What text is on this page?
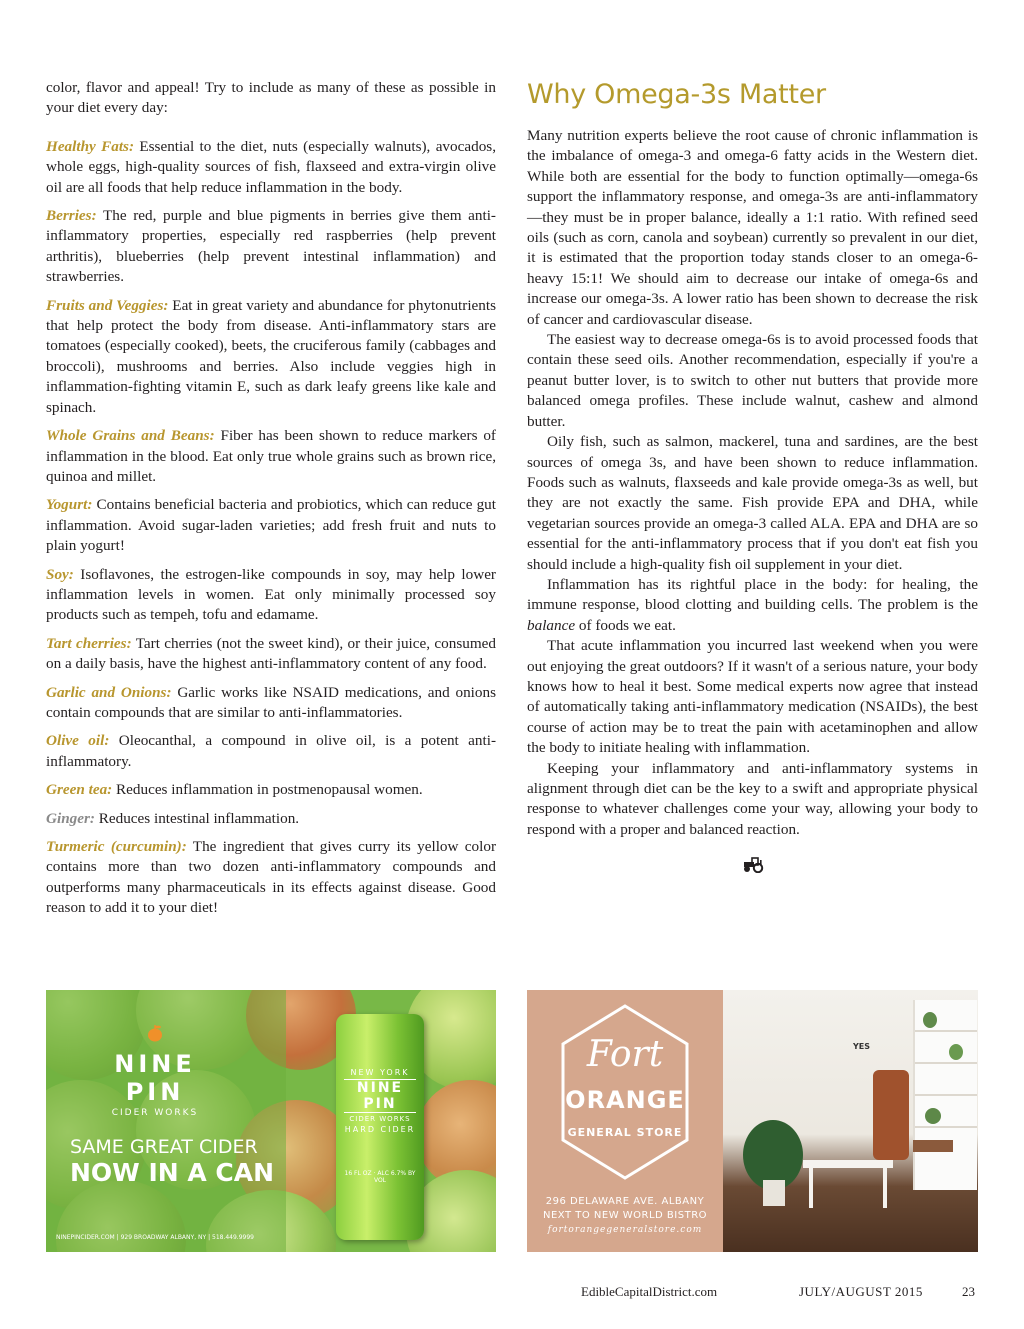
color, flavor and appeal! Try to include as many of these as possible in your diet every day:

Healthy Fats: Essential to the diet, nuts (especially walnuts), avocados, whole eggs, high-quality sources of fish, flaxseed and extra-virgin olive oil are all foods that help reduce inflammation in the body.

Berries: The red, purple and blue pigments in berries give them anti-inflammatory properties, especially red raspberries (help prevent arthritis), blueberries (help prevent intestinal inflammation) and strawberries.

Fruits and Veggies: Eat in great variety and abundance for phytonutrients that help protect the body from disease. Anti-inflammatory stars are tomatoes (especially cooked), beets, the cruciferous family (cabbages and broccoli), mushrooms and berries. Also include veggies high in inflammation-fighting vitamin E, such as dark leafy greens like kale and spinach.

Whole Grains and Beans: Fiber has been shown to reduce markers of inflammation in the blood. Eat only true whole grains such as brown rice, quinoa and millet.

Yogurt: Contains beneficial bacteria and probiotics, which can reduce gut inflammation. Avoid sugar-laden varieties; add fresh fruit and nuts to plain yogurt!

Soy: Isoflavones, the estrogen-like compounds in soy, may help lower inflammation levels in women. Eat only minimally processed soy products such as tempeh, tofu and edamame.

Tart cherries: Tart cherries (not the sweet kind), or their juice, consumed on a daily basis, have the highest anti-inflammatory content of any food.

Garlic and Onions: Garlic works like NSAID medications, and onions contain compounds that are similar to anti-inflammatories.

Olive oil: Oleocanthal, a compound in olive oil, is a potent anti-inflammatory.

Green tea: Reduces inflammation in postmenopausal women.

Ginger: Reduces intestinal inflammation.

Turmeric (curcumin): The ingredient that gives curry its yellow color contains more than two dozen anti-inflammatory compounds and outperforms many pharmaceuticals in its effects against disease. Good reason to add it to your diet!

Why Omega-3s Matter

Many nutrition experts believe the root cause of chronic inflammation is the imbalance of omega-3 and omega-6 fatty acids in the Western diet. While both are essential for the body to function optimally—omega-6s support the inflammatory response, and omega-3s are anti-inflammatory—they must be in proper balance, ideally a 1:1 ratio. With refined seed oils (such as corn, canola and soybean) currently so prevalent in our diet, it is estimated that the proportion today stands closer to an omega-6-heavy 15:1! We should aim to decrease our intake of omega-6s and increase our omega-3s. A lower ratio has been shown to decrease the risk of cancer and cardiovascular disease.

The easiest way to decrease omega-6s is to avoid processed foods that contain these seed oils. Another recommendation, especially if you're a peanut butter lover, is to switch to other nut butters that provide more balanced omega profiles. These include walnut, cashew and almond butter.

Oily fish, such as salmon, mackerel, tuna and sardines, are the best sources of omega 3s, and have been shown to reduce inflammation. Foods such as walnuts, flaxseeds and kale provide omega-3s as well, but they are not exactly the same. Fish provide EPA and DHA, while vegetarian sources provide an omega-3 called ALA. EPA and DHA are so essential for the anti-inflammatory process that if you don't eat fish you should include a high-quality fish oil supplement in your diet.

Inflammation has its rightful place in the body: for healing, the immune response, blood clotting and building cells. The problem is the balance of foods we eat.

That acute inflammation you incurred last weekend when you were out enjoying the great outdoors? If it wasn't of a serious nature, your body knows how to heal it best. Some medical experts now agree that instead of automatically taking anti-inflammatory medication (NSAIDs), the best course of action may be to treat the pain with acetaminophen and allow the body to initiate healing with inflammation.

Keeping your inflammatory and anti-inflammatory systems in alignment through diet can be the key to a swift and appropriate physical response to whatever challenges come your way, allowing your body to respond with a proper and balanced reaction.

NINE PIN
CIDER WORKS
SAME GREAT CIDER
NOW IN A CAN
NINEPINCIDER.COM | 929 BROADWAY ALBANY, NY | 518.449.9999
NEW YORK
NINE PIN
CIDER WORKS
HARD CIDER
16 FL OZ · ALC 6.7% BY VOL
Fort
ORANGE
GENERAL STORE
296 DELAWARE AVE. ALBANY
NEXT TO NEW WORLD BISTRO
fortorangegeneralstore.com
YES
EdibleCapitalDistrict.com	JULY/AUGUST 2015	23
